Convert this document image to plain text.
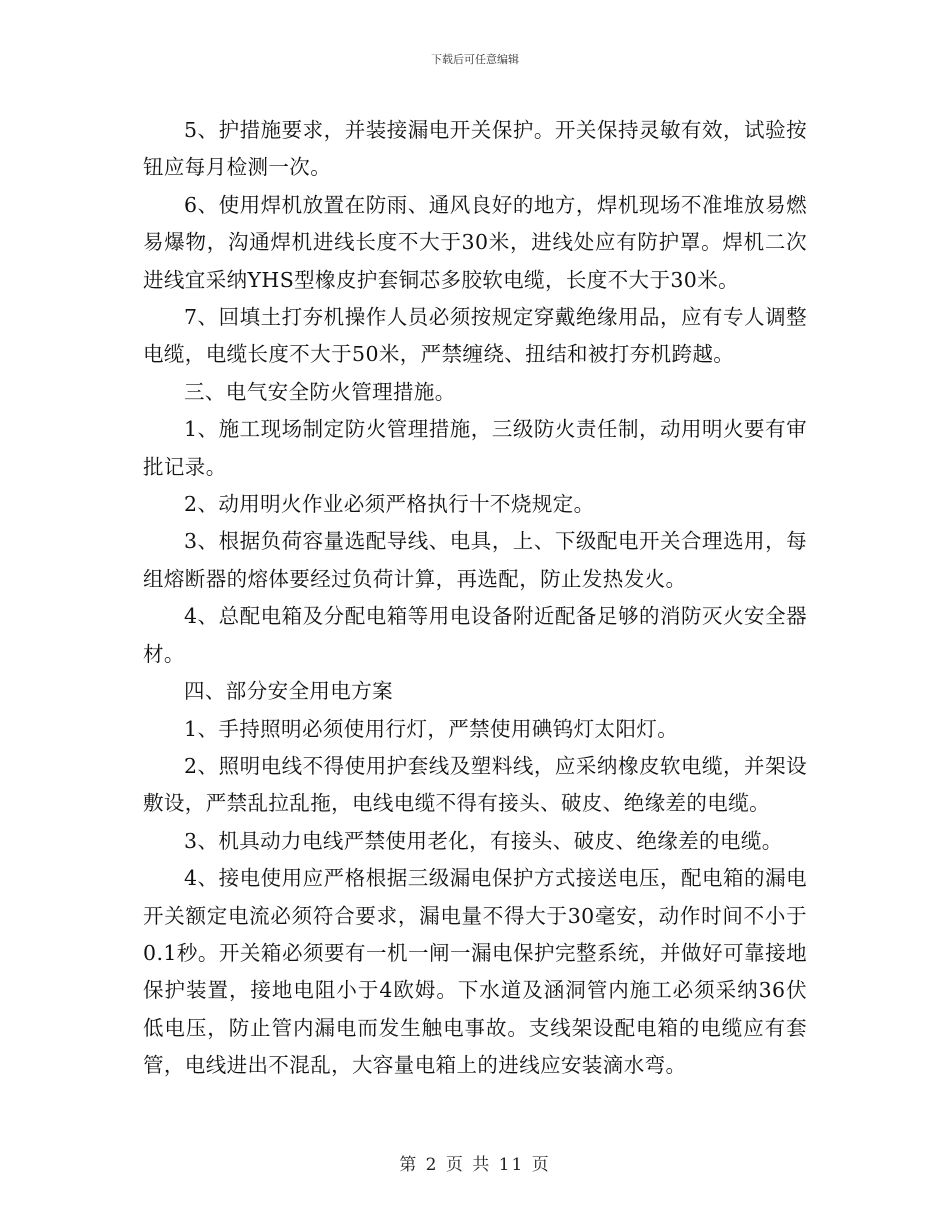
下载后可任意编辑

5、护措施要求，并装接漏电开关保护。开关保持灵敏有效，试验按钮应每月检测一次。

6、使用焊机放置在防雨、通风良好的地方，焊机现场不准堆放易燃易爆物，沟通焊机进线长度不大于30米，进线处应有防护罩。焊机二次进线宜采纳YHS型橡皮护套铜芯多胶软电缆，长度不大于30米。

7、回填土打夯机操作人员必须按规定穿戴绝缘用品，应有专人调整电缆，电缆长度不大于50米，严禁缠绕、扭结和被打夯机跨越。

三、电气安全防火管理措施。

1、施工现场制定防火管理措施，三级防火责任制，动用明火要有审批记录。

2、动用明火作业必须严格执行十不烧规定。

3、根据负荷容量选配导线、电具，上、下级配电开关合理选用，每组熔断器的熔体要经过负荷计算，再选配，防止发热发火。

4、总配电箱及分配电箱等用电设备附近配备足够的消防灭火安全器材。

四、部分安全用电方案

1、手持照明必须使用行灯，严禁使用碘钨灯太阳灯。

2、照明电线不得使用护套线及塑料线，应采纳橡皮软电缆，并架设敷设，严禁乱拉乱拖，电线电缆不得有接头、破皮、绝缘差的电缆。

3、机具动力电线严禁使用老化，有接头、破皮、绝缘差的电缆。

4、接电使用应严格根据三级漏电保护方式接送电压，配电箱的漏电开关额定电流必须符合要求，漏电量不得大于30毫安，动作时间不小于0.1秒。开关箱必须要有一机一闸一漏电保护完整系统，并做好可靠接地保护装置，接地电阻小于4欧姆。下水道及涵洞管内施工必须采纳36伏低电压，防止管内漏电而发生触电事故。支线架设配电箱的电缆应有套管，电线进出不混乱，大容量电箱上的进线应安装滴水弯。

第 2 页 共 11 页
